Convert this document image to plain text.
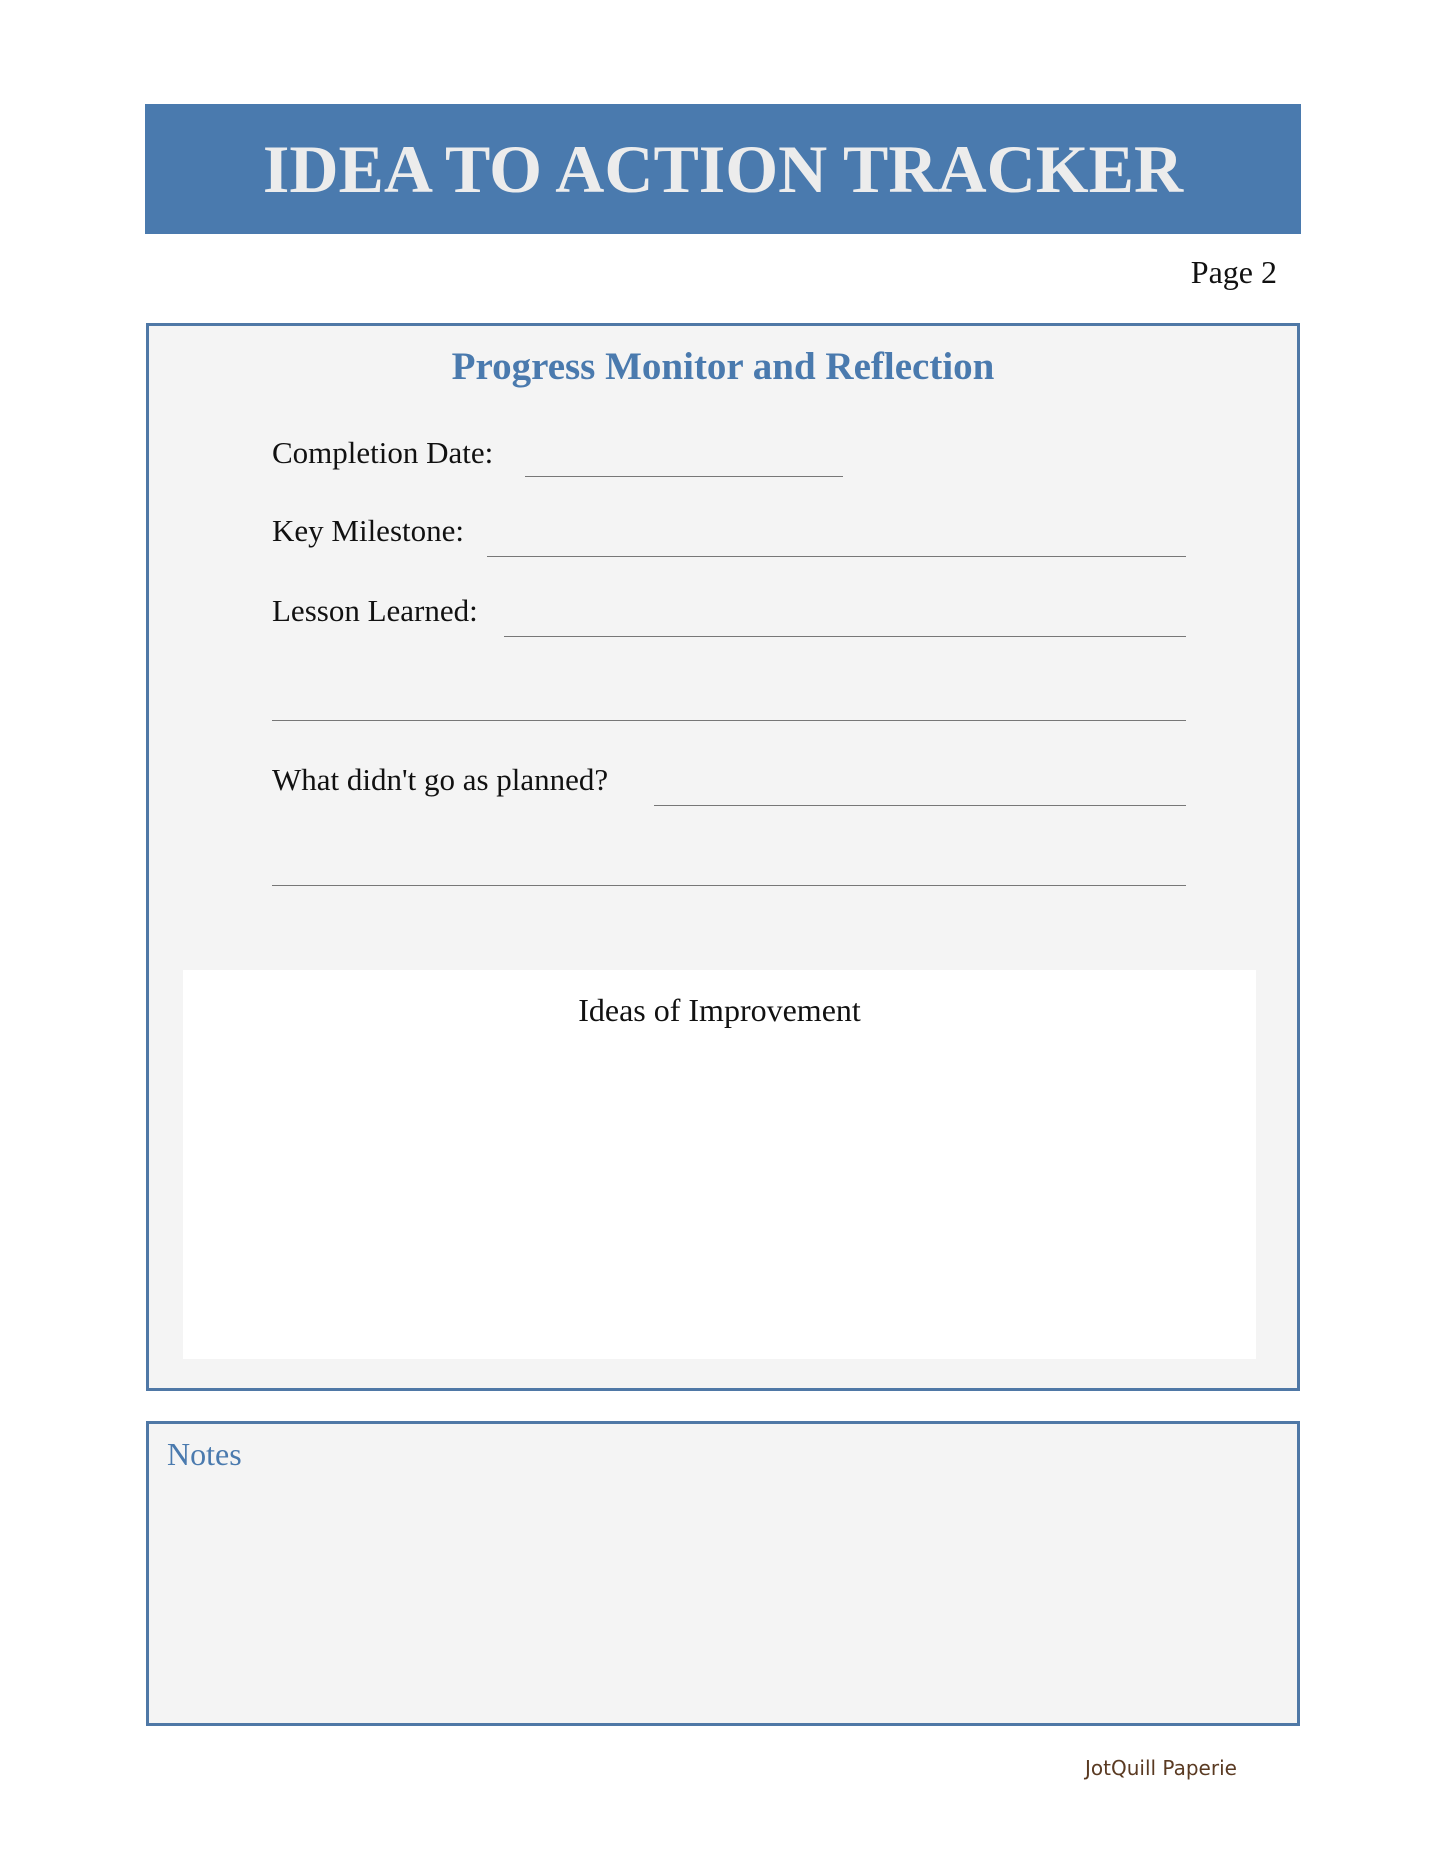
IDEA TO ACTION TRACKER
Page 2
Progress Monitor and Reflection
Completion Date:
Key Milestone:
Lesson Learned:
What didn't go as planned?
Ideas of Improvement
Notes
JotQuill Paperie
